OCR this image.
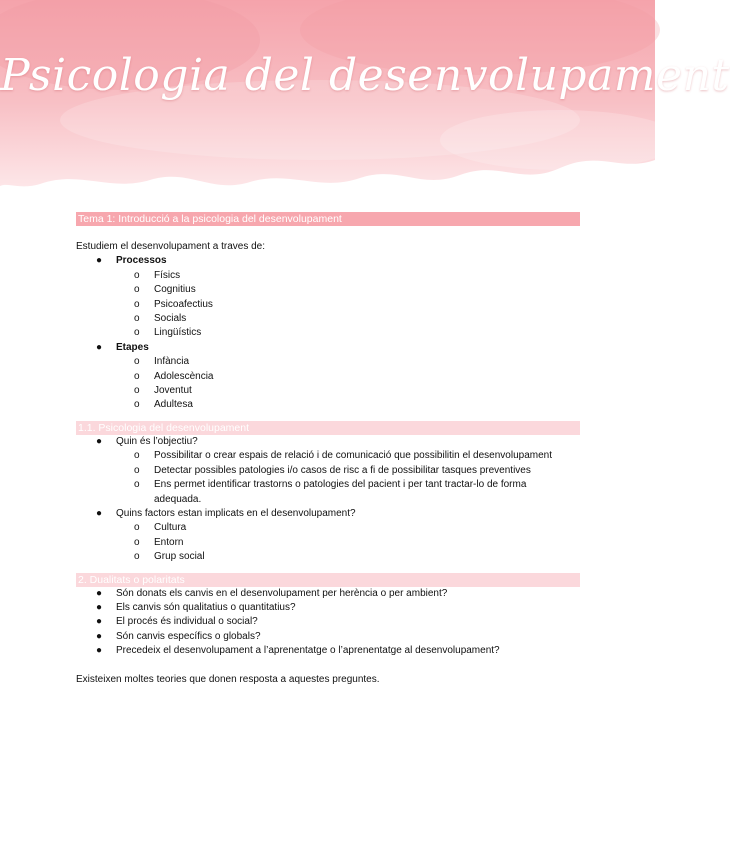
Psicologia del desenvolupament
Tema 1: Introducció a la psicologia del desenvolupament

Estudiem el desenvolupament a traves de:

● Processos
o Físics
o Cognitius
o Psicoafectius
o Socials
o Lingüístics
● Etapes
o Infància
o Adolescència
o Joventut
o Adultesa
1.1. Psicologia del desenvolupament
● Quin és l’objectiu?
o Possibilitar o crear espais de relació i de comunicació que possibilitin el desenvolupament
o Detectar possibles patologies i/o casos de risc a fi de possibilitar tasques preventives
o Ens permet identificar trastorns o patologies del pacient i per tant tractar-lo de forma
adequada.
● Quins factors estan implicats en el desenvolupament?
o Cultura
o Entorn
o Grup social
2. Dualitats o polaritats
● Són donats els canvis en el desenvolupament per herència o per ambient?
● Els canvis són qualitatius o quantitatius?
● El procés és individual o social?
● Són canvis específics o globals?
● Precedeix el desenvolupament a l’aprenentatge o l’aprenentatge al desenvolupament?

Existeixen moltes teories que donen resposta a aquestes preguntes.
